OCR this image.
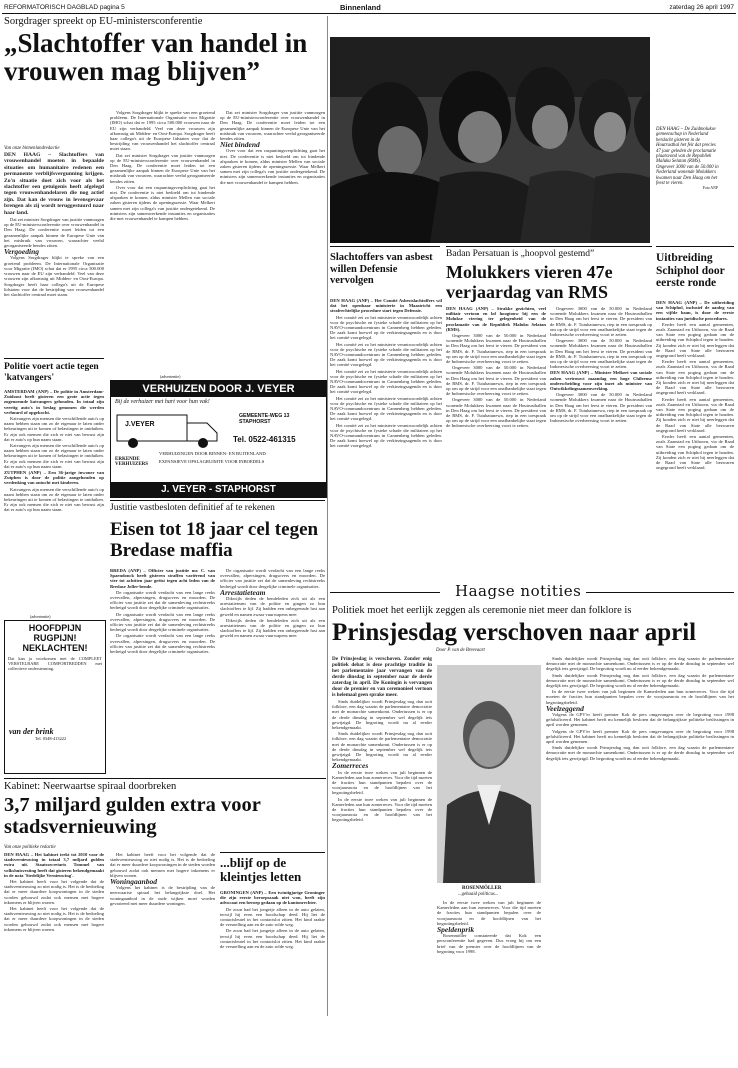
REFORMATORISCH DAGBLAD pagina 5	Binnenland	zaterdag 26 april 1997
Sorgdrager spreekt op EU-ministersconferentie
„Slachtoffer van handel in vrouwen mag blijven”
Van onze binnenlandredactie

DEN HAAG – Slachtoffers van vrouwenhandel moeten in bepaalde situaties om humanitaire redenen een permanente verblijfsvergunning krijgen. Zo'n situatie doet zich voor als het slachtoffer een getuigenis heeft afgelegd tegen vrouwenhandelaren die nog actief zijn. Dat kan de vrouw in levensgevaar brengen als zij wordt teruggestuurd naar haar land.

Dat zei minister Sorgdrager van justitie vanmorgen op de EU-ministersconferentie over vrouwenhandel in Den Haag. De conferentie moet leiden tot een gezamenlijke aanpak binnen de Europese Unie van het misbruik van vrouwen, waarachter veelal georganiseerde bendes zitten.

Vergoeding

Volgens Sorgdrager blijkt te spreke van een groeiend probleem. De Internationale Organisatie voor Migratie (IMO) schat dat er 1995 circa 500.000 vrouwen naar de EU zijn verhandeld. Veel van deze vrouwen zijn afkomstig uit Midden- en Oost-Europa. Sorgdrager heeft haar collega's uit de Europese lidstaten voor dat de bestrijding van vrouwenhandel het slachtoffer centraal moet staan.

Volgens Sorgdrager blijkt te spreke van een groeiend probleem. De Internationale Organisatie voor Migratie (IMO) schat dat er 1995 circa 500.000 vrouwen naar de EU zijn verhandeld. Veel van deze vrouwen zijn afkomstig uit Midden- en Oost-Europa. Sorgdrager heeft haar collega's uit de Europese lidstaten voor dat de bestrijding van vrouwenhandel het slachtoffer centraal moet staan.

Dat zei minister Sorgdrager van justitie vanmorgen op de EU-ministersconferentie over vrouwenhandel in Den Haag. De conferentie moet leiden tot een gezamenlijke aanpak binnen de Europese Unie van het misbruik van vrouwen, waarachter veelal georganiseerde bendes zitten.

Over voor dat een raspuntingsverplichting gaat het niet. De conferentie is niet bedoeld om tot bindende afspraken te komen, aldus minister Mellen van sociale zaken gisteren tijdens de openingssessie. Waar Melkert samen met zijn collega's van justitie ondergetekend. De ministers zijn samenwerkende instanties en organisaties die met vrouwenhandel te kampen hebben.

Dat zei minister Sorgdrager van justitie vanmorgen op de EU-ministersconferentie over vrouwenhandel in Den Haag. De conferentie moet leiden tot een gezamenlijke aanpak binnen de Europese Unie van het misbruik van vrouwen, waarachter veelal georganiseerde bendes zitten.

Niet bindend

Over voor dat een raspuntingsverplichting gaat het niet. De conferentie is niet bedoeld om tot bindende afspraken te komen, aldus minister Mellen van sociale zaken gisteren tijdens de openingssessie. Waar Melkert samen met zijn collega's van justitie ondergetekend. De ministers zijn samenwerkende instanties en organisaties die met vrouwenhandel te kampen hebben.

DEN HAAG – De Zuidmolukse gemeenschap in Nederland herdacht gisteren in de Houtrusthal het feit dat precies 47 jaar geleden de proclamatie plaatsvond van de Republiek Maluku Selatan (RMS). Ongeveer 3000 van de 50.000 in Nederland wonende Molukkers kwamen naar Den Haag om het feest te vieren.
Foto ANP
Slachtoffers van asbest willen Defensie vervolgen

DEN HAAG (ANP) – Het Comité Asbestslachtoffers wil dat het openbaar ministerie in Maastricht een strafrechtelijke procedure start tegen Defensie.

Het comité zei zo het ministerie verantwoordelijk achten voor de psychische en fysieke schade die militairen op het NAVO-commandocentrum in Cannenberg hebben geleden. De zaak komt hoewel op de verkiezingsagenda en is door het comité voorgelegd.

Het comité zei zo het ministerie verantwoordelijk achten voor de psychische en fysieke schade die militairen op het NAVO-commandocentrum in Cannenberg hebben geleden. De zaak komt hoewel op de verkiezingsagenda en is door het comité voorgelegd.

Het comité zei zo het ministerie verantwoordelijk achten voor de psychische en fysieke schade die militairen op het NAVO-commandocentrum in Cannenberg hebben geleden. De zaak komt hoewel op de verkiezingsagenda en is door het comité voorgelegd.

Het comité zei zo het ministerie verantwoordelijk achten voor de psychische en fysieke schade die militairen op het NAVO-commandocentrum in Cannenberg hebben geleden. De zaak komt hoewel op de verkiezingsagenda en is door het comité voorgelegd.

Het comité zei zo het ministerie verantwoordelijk achten voor de psychische en fysieke schade die militairen op het NAVO-commandocentrum in Cannenberg hebben geleden. De zaak komt hoewel op de verkiezingsagenda en is door het comité voorgelegd.

Badan Persatuan is „hoopvol gestemd”
Molukkers vieren 47e verjaardag van RMS

DEN HAAG (ANP) – Strakke gezichten, veel militair vertoon en lof hoogtouw bij een de Molukse viering ter gelegenheid van de proclamatie van de Republiek Maluku Selatan (RMS).

Ongeveer 3000 van de 50.000 in Nederland wonende Molukkers kwamen naar de Houtrusthallen in Den Haag om het feest te vieren. De president van de RMS, dr. F. Tutuhatunewa, riep in een toespraak op om op de strijd voor een onafhankelijke staat tegen de Indonesische overheersing voort te zetten.

Ongeveer 3000 van de 50.000 in Nederland wonende Molukkers kwamen naar de Houtrusthallen in Den Haag om het feest te vieren. De president van de RMS, dr. F. Tutuhatunewa, riep in een toespraak op om op de strijd voor een onafhankelijke staat tegen de Indonesische overheersing voort te zetten.

Ongeveer 3000 van de 50.000 in Nederland wonende Molukkers kwamen naar de Houtrusthallen in Den Haag om het feest te vieren. De president van de RMS, dr. F. Tutuhatunewa, riep in een toespraak op om op de strijd voor een onafhankelijke staat tegen de Indonesische overheersing voort te zetten.

Ongeveer 3000 van de 50.000 in Nederland wonende Molukkers kwamen naar de Houtrusthallen in Den Haag om het feest te vieren. De president van de RMS, dr. F. Tutuhatunewa, riep in een toespraak op om op de strijd voor een onafhankelijke staat tegen de Indonesische overheersing voort te zetten.

Ongeveer 3000 van de 50.000 in Nederland wonende Molukkers kwamen naar de Houtrusthallen in Den Haag om het feest te vieren. De president van de RMS, dr. F. Tutuhatunewa, riep in een toespraak op om op de strijd voor een onafhankelijke staat tegen de Indonesische overheersing voort te zetten.

DEN HAAG (ANP) – Minister Melkert van sociale zaken vertrouwt maandag een hoge Chileense onderscheiding voor zijn inzet als minister van Ontwikkelingssamenwerking.

Ongeveer 3000 van de 50.000 in Nederland wonende Molukkers kwamen naar de Houtrusthallen in Den Haag om het feest te vieren. De president van de RMS, dr. F. Tutuhatunewa, riep in een toespraak op om op de strijd voor een onafhankelijke staat tegen de Indonesische overheersing voort te zetten.

Uitbreiding Schiphol door eerste ronde

DEN HAAG (ANP) – De uitbreiding van Schiphol, inclusief de aanleg van een vijfde baan, is door de eerste instanties van juridische procedures.

Eerder heeft een aantal gemeenten, zoals Zaanstad en Uithoorn, via de Raad van State een poging gedaan om de uitbreiding van Schiphol tegen te houden. Zij konden zich er niet bij neerleggen dat de Raad van State alle bezwaren ongegrond heeft verklaard.

Eerder heeft een aantal gemeenten, zoals Zaanstad en Uithoorn, via de Raad van State een poging gedaan om de uitbreiding van Schiphol tegen te houden. Zij konden zich er niet bij neerleggen dat de Raad van State alle bezwaren ongegrond heeft verklaard.

Eerder heeft een aantal gemeenten, zoals Zaanstad en Uithoorn, via de Raad van State een poging gedaan om de uitbreiding van Schiphol tegen te houden. Zij konden zich er niet bij neerleggen dat de Raad van State alle bezwaren ongegrond heeft verklaard.

Eerder heeft een aantal gemeenten, zoals Zaanstad en Uithoorn, via de Raad van State een poging gedaan om de uitbreiding van Schiphol tegen te houden. Zij konden zich er niet bij neerleggen dat de Raad van State alle bezwaren ongegrond heeft verklaard.

Politie voert actie tegen 'katvangers'

AMSTERDAM (ANP) – De politie in Amsterdam-Zuidoost heeft gisteren een grote actie tegen zogenoemde katvangers gehouden. In totaal zijn veertig auto's in beslag genomen die werden verhuurd of opgekocht.

Katvangers zijn mensen die verschillende auto's op naam hebben staan om zo de eigenaar te laten onder bekeuringen uit te komen of belastingen te ontduiken. Er zijn ook mensen die zich er niet van bewust zijn dat er auto's op hun naam staan.

Katvangers zijn mensen die verschillende auto's op naam hebben staan om zo de eigenaar te laten onder bekeuringen uit te komen of belastingen te ontduiken. Er zijn ook mensen die zich er niet van bewust zijn dat er auto's op hun naam staan.

ZUTPHEN (ANP) – Een 36-jarige inwoner van Zutphen is door de politie aangehouden op verdenking van ontucht met kinderen.

Katvangers zijn mensen die verschillende auto's op naam hebben staan om zo de eigenaar te laten onder bekeuringen uit te komen of belastingen te ontduiken. Er zijn ook mensen die zich er niet van bewust zijn dat er auto's op hun naam staan.

(advertentie)
HOOFDPIJN RUGPIJN! NEKLACHTEN!
Dat kan ja voorkomen met de COMPLEET VERSTELBARE COMFORTBEDDEN met collectieve ondersteuning.
van der brink
Tel. 0348-413222
(advertentie)
VERHUIZEN DOOR J. VEYER
Bij de verhuizer met hart voor hun vak!
J.VEYER
ERKENDE VERHUIZERS
GEMEENTE-WEG 13 STAPHORST
Tel. 0522-461315
VERHUIZINGEN DOOR BINNEN- EN BUITENLAND
EXPANSIEVE OPSLAGRUIMTE VOOR INBOEDELS
J. VEYER - STAPHORST
Justitie vastbesloten definitief af te rekenen
Eisen tot 18 jaar cel tegen Bredase maffia

BREDA (ANP) – Officier van justitie mr. C. van Spaendonck heeft gisteren straffen variërend van vier tot achttien jaar geëist tegen acht leden van de Bredase Joller-bende.

De organisatie wordt verdacht van een lange reeks overvallen, afpersingen, drugsovers en moorden. De officier van justitie zei dat de samenleving rechtstreeks bedreigd wordt door dergelijke criminele organisaties.

De organisatie wordt verdacht van een lange reeks overvallen, afpersingen, drugsovers en moorden. De officier van justitie zei dat de samenleving rechtstreeks bedreigd wordt door dergelijke criminele organisaties.

De organisatie wordt verdacht van een lange reeks overvallen, afpersingen, drugsovers en moorden. De officier van justitie zei dat de samenleving rechtstreeks bedreigd wordt door dergelijke criminele organisaties.

De organisatie wordt verdacht van een lange reeks overvallen, afpersingen, drugsovers en moorden. De officier van justitie zei dat de samenleving rechtstreeks bedreigd wordt door dergelijke criminele organisaties.

Arrestatieteam

Dikwijls deden de bendeleden zich uit als een arrestatieteam van de politie en gingen zo hun slachtoffers te lijf. Zij hadden een onbegrensde lust aan geweld en namen zwaar vuurwapens mee.

Dikwijls deden de bendeleden zich uit als een arrestatieteam van de politie en gingen zo hun slachtoffers te lijf. Zij hadden een onbegrensde lust aan geweld en namen zwaar vuurwapens mee.

Haagse notities
Politiek moet het eerlijk zeggen als ceremonie niet meer dan folklore is
Prinsjesdag verschoven naar april
Door P. van de Breevaart

De Prinsjesdag is verschoven. Zonder enig politiek debat is deze prachtige traditie in het parlementaire jaar vervangen van de derde dinsdag in september naar de derde zaterdag in april. De Koningin is vervangen door de premier en van ceremonieel vertoon is helemaal geen sprake meer.

Sinds duidelijker wordt Prinsjesdag nog dan ooit folklore, een dag waarin de parlementaire democratie met de monarchie samenkomt. Ondertussen is er op de derde dinsdag in september wel degelijk iets gewijzigd. De begroting wordt nu al eerder bekendgemaakt.

Sinds duidelijker wordt Prinsjesdag nog dan ooit folklore, een dag waarin de parlementaire democratie met de monarchie samenkomt. Ondertussen is er op de derde dinsdag in september wel degelijk iets gewijzigd. De begroting wordt nu al eerder bekendgemaakt.

Zomerreces

In de eerste twee weken van juli beginnen de Kamerleden aan hun zomerreces. Voor die tijd moeten de fracties hun standpunten bepalen over de voorjaarsnota en de hoofdlijnen van het begrotingsbeleid.

In de eerste twee weken van juli beginnen de Kamerleden aan hun zomerreces. Voor die tijd moeten de fracties hun standpunten bepalen over de voorjaarsnota en de hoofdlijnen van het begrotingsbeleid.

ROSENMÖLLER
...gehaaid politicus...

In de eerste twee weken van juli beginnen de Kamerleden aan hun zomerreces. Voor die tijd moeten de fracties hun standpunten bepalen over de voorjaarsnota en de hoofdlijnen van het begrotingsbeleid.

Speldenprik

Rosenmöller constateerde dat Kok een persconferentie had gegeven. Dus vroeg hij om een brief van de premier over de hoofdlijnen van de begroting voor 1998.

Sinds duidelijker wordt Prinsjesdag nog dan ooit folklore, een dag waarin de parlementaire democratie met de monarchie samenkomt. Ondertussen is er op de derde dinsdag in september wel degelijk iets gewijzigd. De begroting wordt nu al eerder bekendgemaakt.

Sinds duidelijker wordt Prinsjesdag nog dan ooit folklore, een dag waarin de parlementaire democratie met de monarchie samenkomt. Ondertussen is er op de derde dinsdag in september wel degelijk iets gewijzigd. De begroting wordt nu al eerder bekendgemaakt.

In de eerste twee weken van juli beginnen de Kamerleden aan hun zomerreces. Voor die tijd moeten de fracties hun standpunten bepalen over de voorjaarsnota en de hoofdlijnen van het begrotingsbeleid.

Veelzeggend

Volgens de GPV'er heeft premier Kok de pers omgevangen over de begroting voor 1998 gefalsificeerd. Het kabinet heeft nu kennelijk besloten dat de belangrijkste politieke beslissingen in april worden genomen.

Volgens de GPV'er heeft premier Kok de pers omgevangen over de begroting voor 1998 gefalsificeerd. Het kabinet heeft nu kennelijk besloten dat de belangrijkste politieke beslissingen in april worden genomen.

Sinds duidelijker wordt Prinsjesdag nog dan ooit folklore, een dag waarin de parlementaire democratie met de monarchie samenkomt. Ondertussen is er op de derde dinsdag in september wel degelijk iets gewijzigd. De begroting wordt nu al eerder bekendgemaakt.

Kabinet: Neerwaartse spiraal doorbreken
3,7 miljard gulden extra voor stadsvernieuwing
Van onze politieke redactie

DEN HAAG – Het kabinet trekt tot 2010 voor de stadsvernieuwing in totaal 3,7 miljard gulden extra uit. Staatssecretaris Tommel van volkshuisvesting heeft dat gisteren bekendgemaakt in de nota 'Stedelijke Vernieuwing'.

Het kabinet heeft voor het volgende dat de stadsvernieuwing zo niet nodig is. Het is de bedoeling dat er meer duurdere koopwoningen in de steden worden gebouwd zodat ook mensen met hogere inkomens er blijven wonen.

Het kabinet heeft voor het volgende dat de stadsvernieuwing zo niet nodig is. Het is de bedoeling dat er meer duurdere koopwoningen in de steden worden gebouwd zodat ook mensen met hogere inkomens er blijven wonen.

Het kabinet heeft voor het volgende dat de stadsvernieuwing zo niet nodig is. Het is de bedoeling dat er meer duurdere koopwoningen in de steden worden gebouwd zodat ook mensen met hogere inkomens er blijven wonen.

Woningaanbod

Volgens het kabinet is de bestrijding van de neerwaartse spiraal het belangrijkste doel. Het woningaanbod in de oude wijken moet worden gevarieerd met meer duurdere woningen.

...blijf op de kleintjes letten

GRONINGEN (ANP) – Een twintigjarige Groninger die zijn eerste beroepszaak niet won, heeft zijn advocaat een beroep gedaan op de kantonrechter.

De zoon had het jongetje alleen in de auto gelaten, terwijl hij even een boodschap deed. Hij liet de contactsleutel in het contactslot zitten. Het kind raakte de versnelling aan en de auto rolde weg.

De zoon had het jongetje alleen in de auto gelaten, terwijl hij even een boodschap deed. Hij liet de contactsleutel in het contactslot zitten. Het kind raakte de versnelling aan en de auto rolde weg.
